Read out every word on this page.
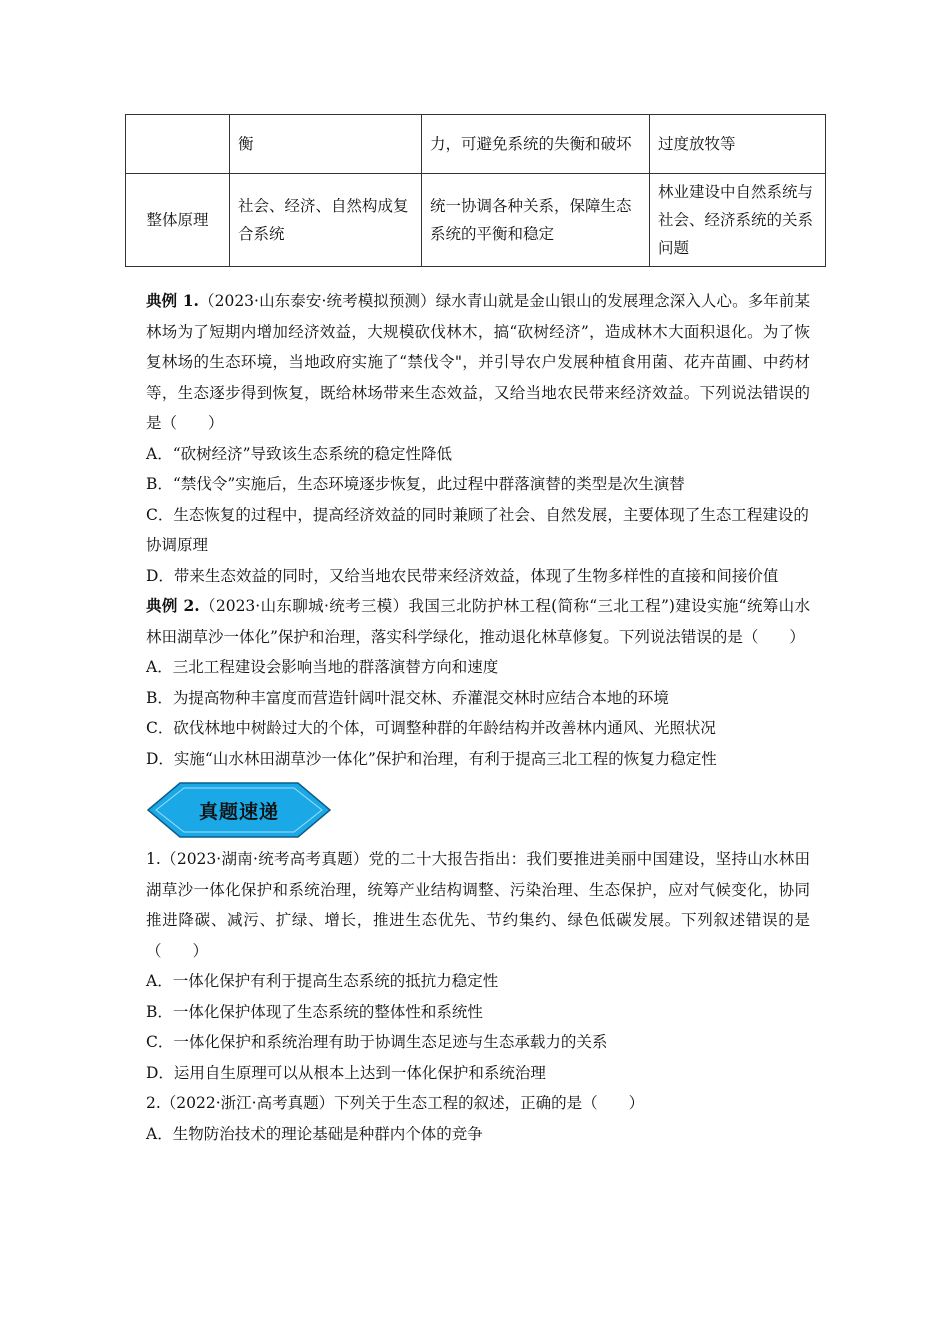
	衡	力，可避免系统的失衡和破坏	过度放牧等
整体原理	社会、经济、自然构成复合系统	统一协调各种关系，保障生态系统的平衡和稳定	林业建设中自然系统与社会、经济系统的关系问题

典例 1.（2023·山东泰安·统考模拟预测）绿水青山就是金山银山的发展理念深入人心。多年前某林场为了短期内增加经济效益，大规模砍伐林木，搞“砍树经济”，造成林木大面积退化。为了恢复林场的生态环境，当地政府实施了“禁伐令"，并引导农户发展种植食用菌、花卉苗圃、中药材等，生态逐步得到恢复，既给林场带来生态效益，又给当地农民带来经济效益。下列说法错误的是（　　）

A．“砍树经济”导致该生态系统的稳定性降低

B．“禁伐令”实施后，生态环境逐步恢复，此过程中群落演替的类型是次生演替

C．生态恢复的过程中，提高经济效益的同时兼顾了社会、自然发展，主要体现了生态工程建设的协调原理

D．带来生态效益的同时，又给当地农民带来经济效益，体现了生物多样性的直接和间接价值

典例 2.（2023·山东聊城·统考三模）我国三北防护林工程(简称“三北工程”)建设实施“统筹山水林田湖草沙一体化”保护和治理，落实科学绿化，推动退化林草修复。下列说法错误的是（　　）

A．三北工程建设会影响当地的群落演替方向和速度

B．为提高物种丰富度而营造针阔叶混交林、乔灌混交林时应结合本地的环境

C．砍伐林地中树龄过大的个体，可调整种群的年龄结构并改善林内通风、光照状况

D．实施“山水林田湖草沙一体化”保护和治理，有利于提高三北工程的恢复力稳定性

真题速递

1.（2023·湖南·统考高考真题）党的二十大报告指出：我们要推进美丽中国建设，坚持山水林田湖草沙一体化保护和系统治理，统筹产业结构调整、污染治理、生态保护，应对气候变化，协同推进降碳、减污、扩绿、增长，推进生态优先、节约集约、绿色低碳发展。下列叙述错误的是（　　）

A．一体化保护有利于提高生态系统的抵抗力稳定性

B．一体化保护体现了生态系统的整体性和系统性

C．一体化保护和系统治理有助于协调生态足迹与生态承载力的关系

D．运用自生原理可以从根本上达到一体化保护和系统治理

2.（2022·浙江·高考真题）下列关于生态工程的叙述，正确的是（　　）

A．生物防治技术的理论基础是种群内个体的竞争
